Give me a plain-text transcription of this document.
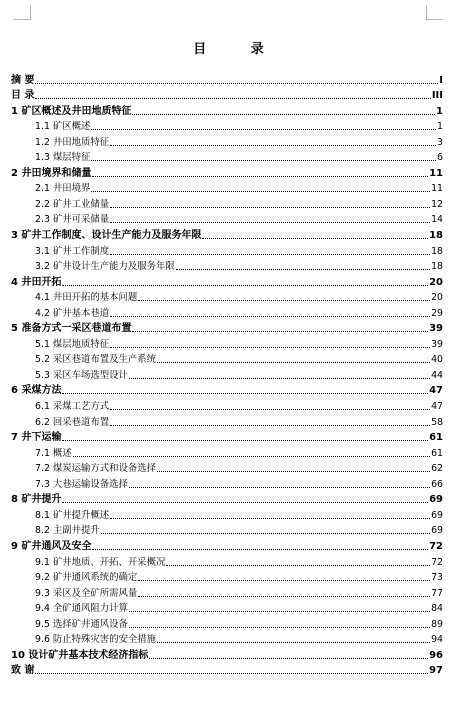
目 录
摘 要	I
目 录	III
1 矿区概述及井田地质特征	1
1.1 矿区概述	1
1.2 井田地质特征	3
1.3 煤层特征	6
2 井田境界和储量	11
2.1 井田境界	11
2.2 矿井工业储量	12
2.3 矿井可采储量	14
3 矿井工作制度、设计生产能力及服务年限	18
3.1 矿井工作制度	18
3.2 矿井设计生产能力及服务年限	18
4 井田开拓	20
4.1 井田开拓的基本问题	20
4.2 矿井基本巷道	29
5 准备方式一采区巷道布置	39
5.1 煤层地质特征	39
5.2 采区巷道布置及生产系统	40
5.3 采区车场选型设计	44
6 采煤方法	47
6.1 采煤工艺方式	47
6.2 回采巷道布置	58
7 井下运输	61
7.1 概述	61
7.2 煤炭运输方式和设备选择	62
7.3 大巷运输设备选择	66
8 矿井提升	69
8.1 矿井提升概述	69
8.2 主副井提升	69
9 矿井通风及安全	72
9.1 矿井地质、开拓、开采概况	72
9.2 矿井通风系统的确定	73
9.3 采区及全矿所需风量	77
9.4 全矿通风阻力计算	84
9.5 选择矿井通风设备	89
9.6 防止特殊灾害的安全措施	94
10 设计矿井基本技术经济指标	96
致 谢	97
